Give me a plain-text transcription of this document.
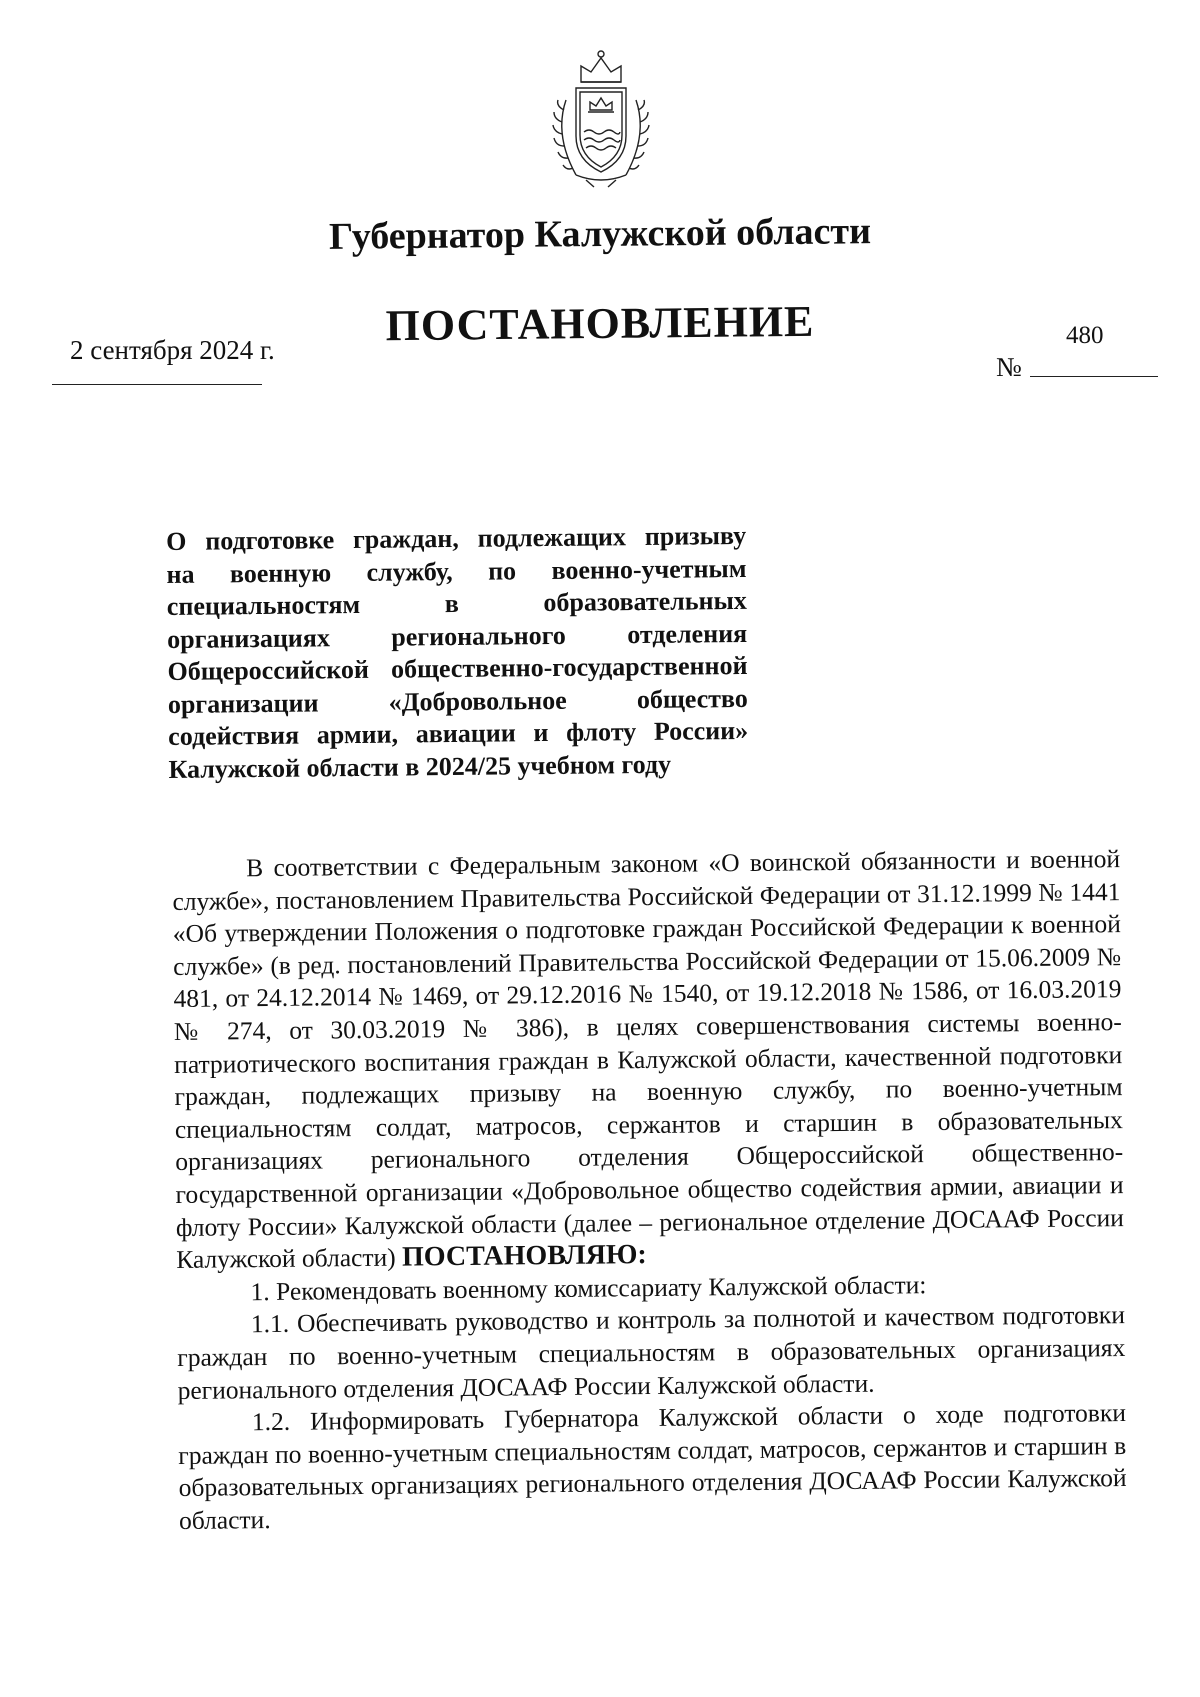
Губернатор Калужской области
ПОСТАНОВЛЕНИЕ
2 сентября 2024 г.	480
№
О подготовке граждан, подлежащих призыву
на военную службу, по военно-учетным
специальностям в образовательных
организациях регионального отделения
Общероссийской общественно-государственной
организации «Добровольное общество
содействия армии, авиации и флоту России»
Калужской области в 2024/25 учебном году

В соответствии с Федеральным законом «О воинской обязанности и военной службе», постановлением Правительства Российской Федерации от 31.12.1999 № 1441 «Об утверждении Положения о подготовке граждан Российской Федерации к военной службе» (в ред. постановлений Правительства Российской Федерации от 15.06.2009 № 481, от 24.12.2014 № 1469, от 29.12.2016 № 1540, от 19.12.2018 № 1586, от 16.03.2019 № 274, от 30.03.2019 № 386), в целях совершенствования системы военно-патриотического воспитания граждан в Калужской области, качественной подготовки граждан, подлежащих призыву на военную службу, по военно-учетным специальностям солдат, матросов, сержантов и старшин в образовательных организациях регионального отделения Общероссийской общественно-государственной организации «Добровольное общество содействия армии, авиации и флоту России» Калужской области (далее – региональное отделение ДОСААФ России Калужской области) ПОСТАНОВЛЯЮ:

1. Рекомендовать военному комиссариату Калужской области:

1.1. Обеспечивать руководство и контроль за полнотой и качеством подготовки граждан по военно-учетным специальностям в образовательных организациях регионального отделения ДОСААФ России Калужской области.

1.2. Информировать Губернатора Калужской области о ходе подготовки граждан по военно-учетным специальностям солдат, матросов, сержантов и старшин в образовательных организациях регионального отделения ДОСААФ России Калужской области.
